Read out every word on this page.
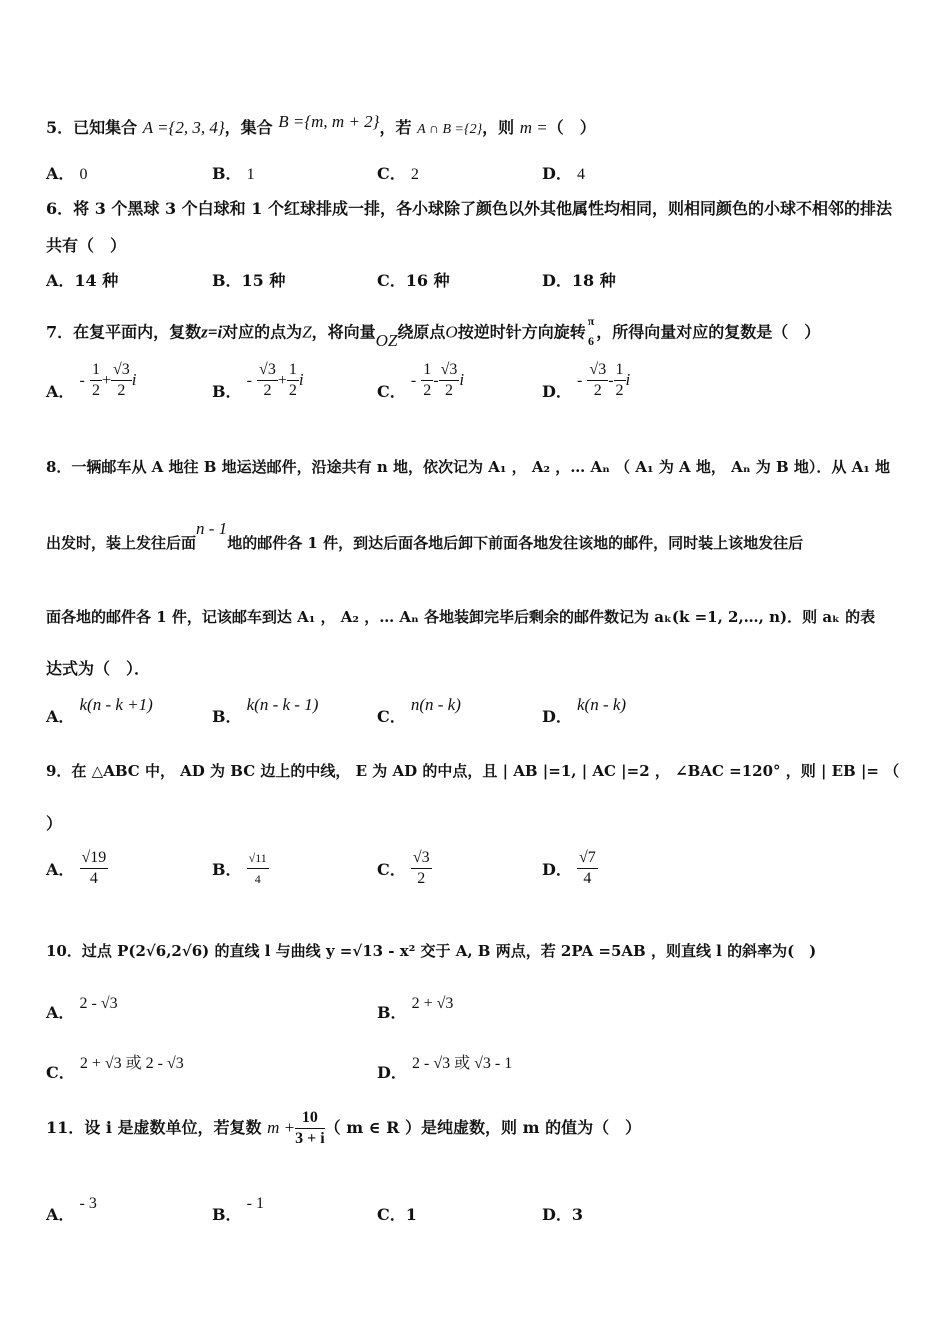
5．已知集合 A ={2, 3, 4}，集合 B ={m, m + 2}，若 A ∩ B ={2}，则 m =（　）
A． 0	B． 1	C． 2	D． 4
6．将 3 个黑球 3 个白球和 1 个红球排成一排，各小球除了颜色以外其他属性均相同，则相同颜色的小球不相邻的排法
共有（　）
A．14 种	B．15 种	C．16 种	D．18 种
7．在复平面内，复数z=i对应的点为Z，将向量OZ绕原点O按逆时针方向旋转
π
6 ，所得向量对应的复数是（　）
A． - $\frac{1}{2} + \frac{√3}{2}$ i
B． - $\frac{√3}{2} + \frac{1}{2}$ i
C． - $\frac{1}{2} - \frac{√3}{2}$ i
D． - $\frac{√3}{2} - \frac{1}{2}$ i
8．一辆邮车从 A 地往 B 地运送邮件，沿途共有 n 地，依次记为 A₁ ， A₂ ，… Aₙ （ A₁ 为 A 地， Aₙ 为 B 地）．从 A₁ 地
出发时，装上发往后面n - 1地的邮件各 1 件，到达后面各地后卸下前面各地发往该地的邮件，同时装上该地发往后
面各地的邮件各 1 件，记该邮车到达 A₁ ， A₂ ，… Aₙ 各地装卸完毕后剩余的邮件数记为 aₖ(k =1, 2,…, n)．则 aₖ 的表
达式为（　）．
A． k(n - k +1)
B． k(n - k - 1)
C． n(n - k)
D． k(n - k)
9．在 △ABC 中， AD 为 BC 边上的中线， E 为 AD 的中点，且 | AB |=1, | AC |=2 ， ∠BAC =120° ，则 | EB |= （
）
A． $\frac{√19}{4}$	B． $\frac{√11}{4}$	C． $\frac{√3}{2}$	D． $\frac{√7}{4}$
10．过点 P(2√6,2√6) 的直线 l 与曲线 y =√13 - x² 交于 A, B 两点，若 2PA =5AB ，则直线 l 的斜率为(　)
A． 2 - √3	B． 2 + √3
C． 2 + √3 或 2 - √3	D． 2 - √3 或 √3 - 1
11．设 i 是虚数单位，若复数 $m + \frac{10}{3 + i}$ （ m ∈ R ）是纯虚数，则 m 的值为（　）
A． - 3
B． - 1
C．1	D．3
